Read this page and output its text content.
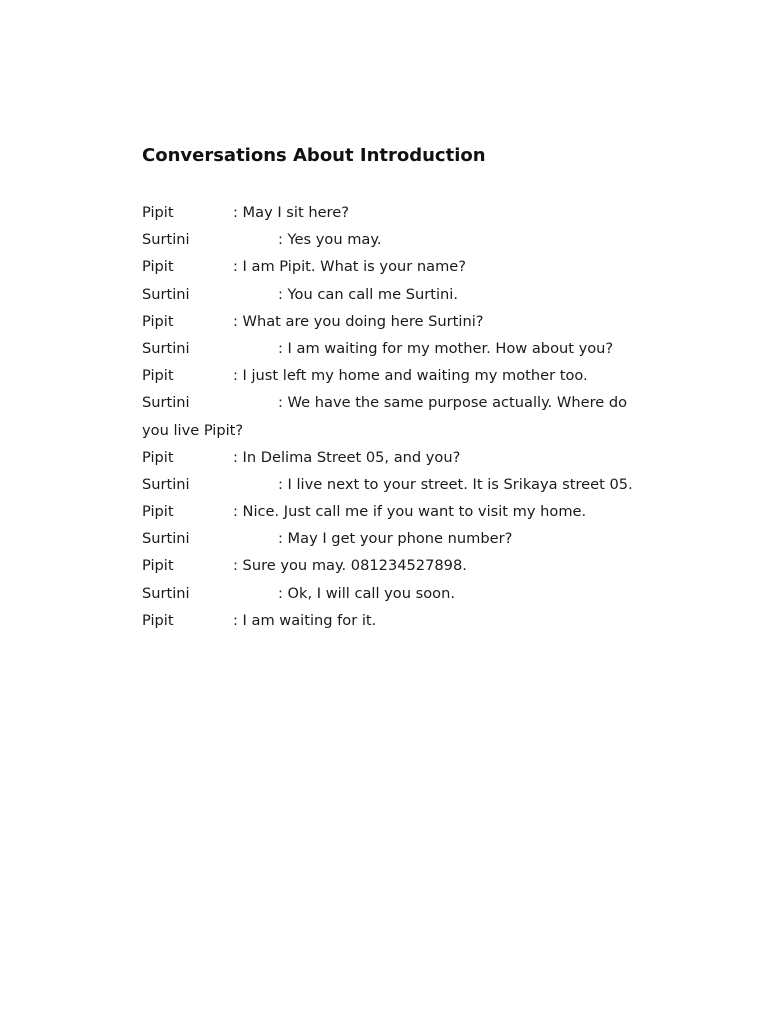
Conversations About Introduction
Pipit	: May I sit here?
Surtini	: Yes you may.
Pipit	: I am Pipit. What is your name?
Surtini	: You can call me Surtini.
Pipit	: What are you doing here Surtini?
Surtini	: I am waiting for my mother. How about you?
Pipit	: I just left my home and waiting my mother too.
Surtini	: We have the same purpose actually. Where do
you live Pipit?
Pipit	: In Delima Street 05, and you?
Surtini	: I live next to your street. It is Srikaya street 05.
Pipit	: Nice. Just call me if you want to visit my home.
Surtini	: May I get your phone number?
Pipit	: Sure you may. 081234527898.
Surtini	: Ok, I will call you soon.
Pipit	: I am waiting for it.
